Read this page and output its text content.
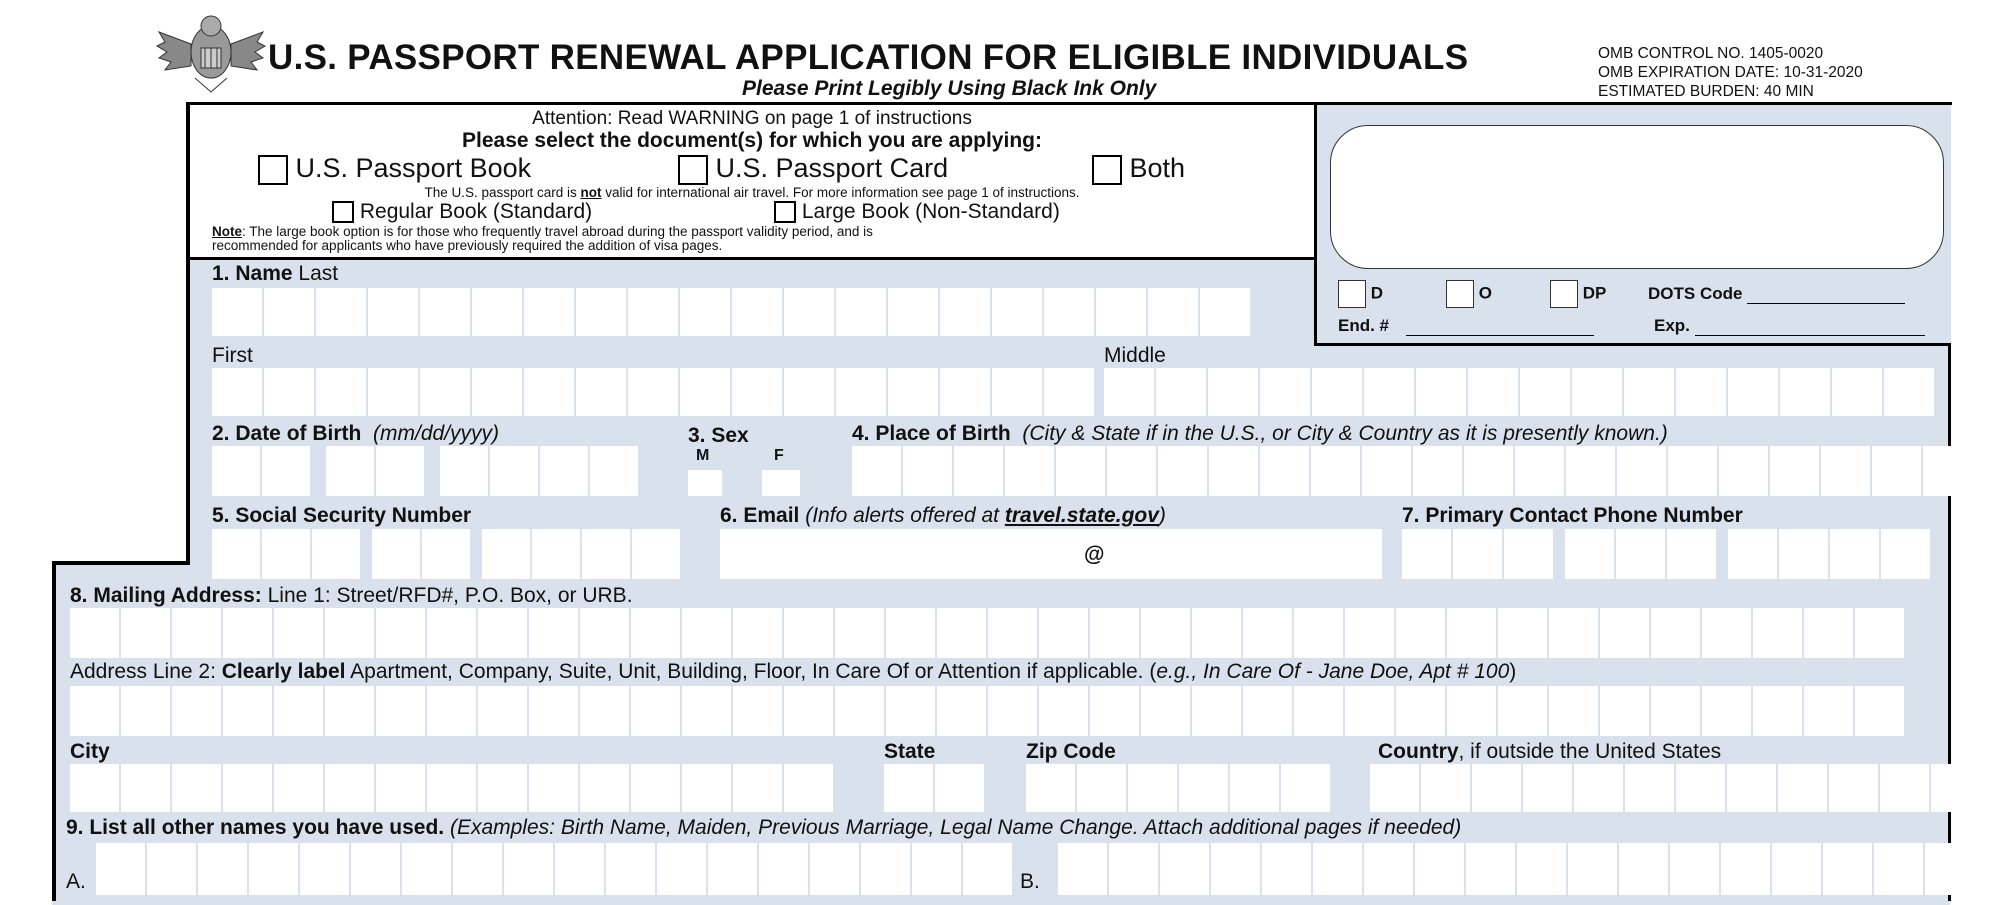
U.S. PASSPORT RENEWAL APPLICATION FOR ELIGIBLE INDIVIDUALS
Please Print Legibly Using Black Ink Only
OMB CONTROL NO. 1405-0020
OMB EXPIRATION DATE: 10-31-2020
ESTIMATED BURDEN: 40 MIN
Attention: Read WARNING on page 1 of instructions
Please select the document(s) for which you are applying:
U.S. Passport Book	U.S. Passport Card	Both
The U.S. passport card is not valid for international air travel. For more information see page 1 of instructions.
Regular Book (Standard)	Large Book (Non-Standard)
Note: The large book option is for those who frequently travel abroad during the passport validity period, and is
recommended for applicants who have previously required the addition of visa pages.
D	O	DP DOTS Code
End. #	Exp.
1. Name Last
First	Middle
2. Date of Birth (mm/dd/yyyy)	3. Sex
M	F
4. Place of Birth (City & State if in the U.S., or City & Country as it is presently known.)
5. Social Security Number	6. Email (Info alerts offered at travel.state.gov)
@
7. Primary Contact Phone Number
8. Mailing Address: Line 1: Street/RFD#, P.O. Box, or URB.
Address Line 2: Clearly label Apartment, Company, Suite, Unit, Building, Floor, In Care Of or Attention if applicable. (e.g., In Care Of - Jane Doe, Apt # 100)
City	State	Zip Code	Country, if outside the United States
9. List all other names you have used. (Examples: Birth Name, Maiden, Previous Marriage, Legal Name Change. Attach additional pages if needed)
A.	B.
